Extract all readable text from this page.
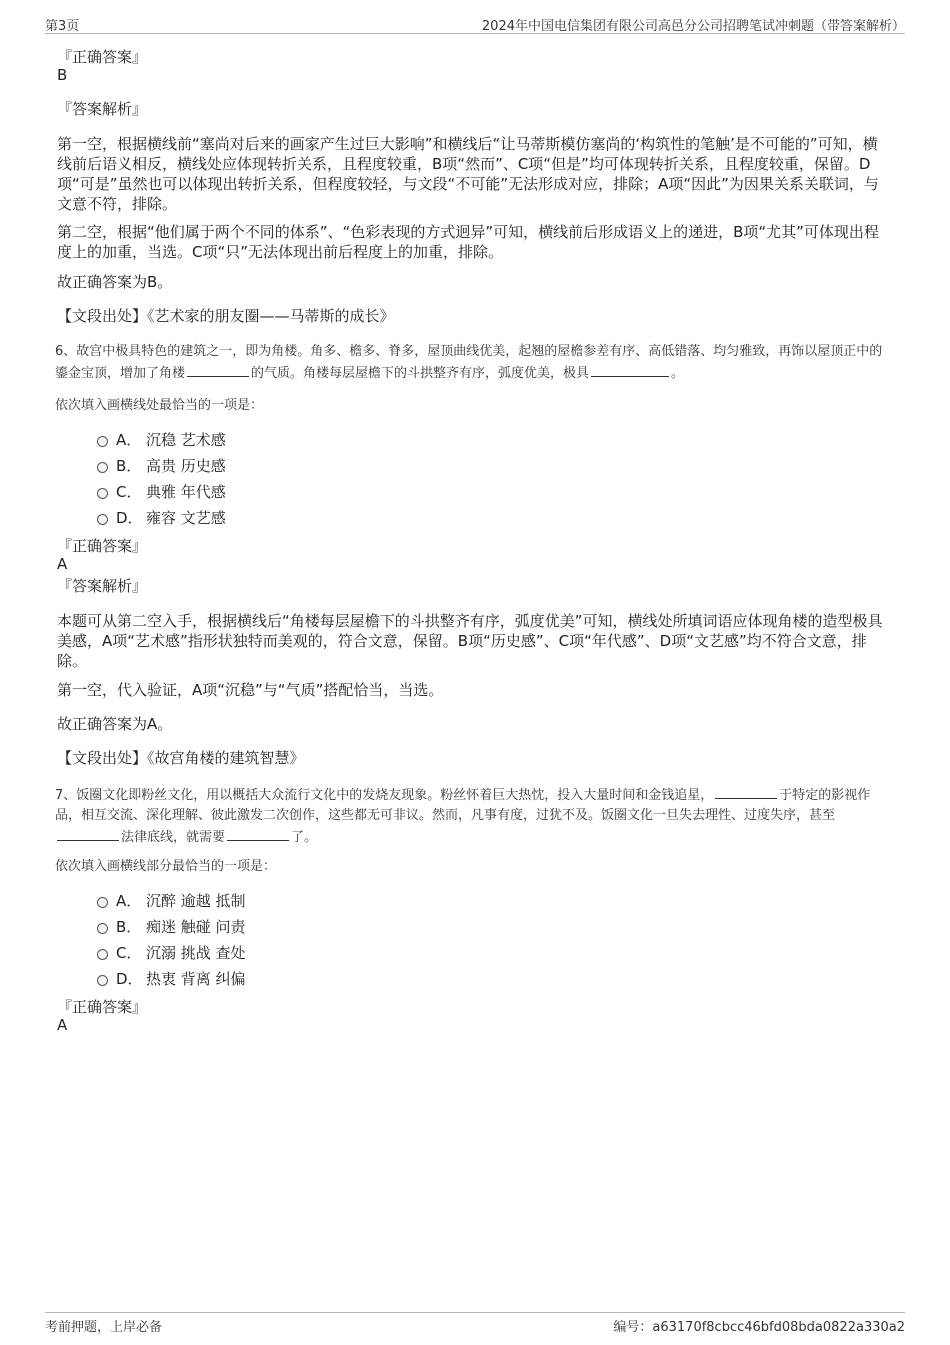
第3页	2024年中国电信集团有限公司高邑分公司招聘笔试冲刺题（带答案解析）
『正确答案』
B
『答案解析』
第一空，根据横线前“塞尚对后来的画家产生过巨大影响”和横线后“让马蒂斯模仿塞尚的‘构筑性的笔触’是不可能的”可知，横线前后语义相反，横线处应体现转折关系，且程度较重，B项“然而”、C项“但是”均可体现转折关系，且程度较重，保留。D项“可是”虽然也可以体现出转折关系，但程度较轻，与文段“不可能”无法形成对应，排除；A项“因此”为因果关系关联词，与文意不符，排除。
第二空，根据“他们属于两个不同的体系”、“色彩表现的方式迥异”可知，横线前后形成语义上的递进，B项“尤其”可体现出程度上的加重，当选。C项“只”无法体现出前后程度上的加重，排除。
故正确答案为B。
【文段出处】《艺术家的朋友圈——马蒂斯的成长》
6、故宫中极具特色的建筑之一，即为角楼。角多、檐多、脊多，屋顶曲线优美，起翘的屋檐参差有序、高低错落、均匀雅致，再饰以屋顶正中的鎏金宝顶，增加了角楼	的气质。角楼每层屋檐下的斗拱整齐有序，弧度优美，极具	。
依次填入画横线处最恰当的一项是：
A． 沉稳 艺术感
B． 高贵 历史感
C． 典雅 年代感
D． 雍容 文艺感
『正确答案』
A
『答案解析』
本题可从第二空入手，根据横线后“角楼每层屋檐下的斗拱整齐有序，弧度优美”可知，横线处所填词语应体现角楼的造型极具美感，A项“艺术感”指形状独特而美观的，符合文意，保留。B项“历史感”、C项“年代感”、D项“文艺感”均不符合文意，排除。
第一空，代入验证，A项“沉稳”与“气质”搭配恰当，当选。
故正确答案为A。
【文段出处】《故宫角楼的建筑智慧》
7、饭圈文化即粉丝文化，用以概括大众流行文化中的发烧友现象。粉丝怀着巨大热忱，投入大量时间和金钱追星，	于特定的影视作品，相互交流、深化理解、彼此激发二次创作，这些都无可非议。然而，凡事有度，过犹不及。饭圈文化一旦失去理性、过度失序，甚至法律底线，就需要	了。
依次填入画横线部分最恰当的一项是：
A． 沉醉 逾越 抵制
B． 痴迷 触碰 问责
C． 沉溺 挑战 查处
D． 热衷 背离 纠偏
『正确答案』
A
考前押题，上岸必备	编号：a63170f8cbcc46bfd08bda0822a330a2
